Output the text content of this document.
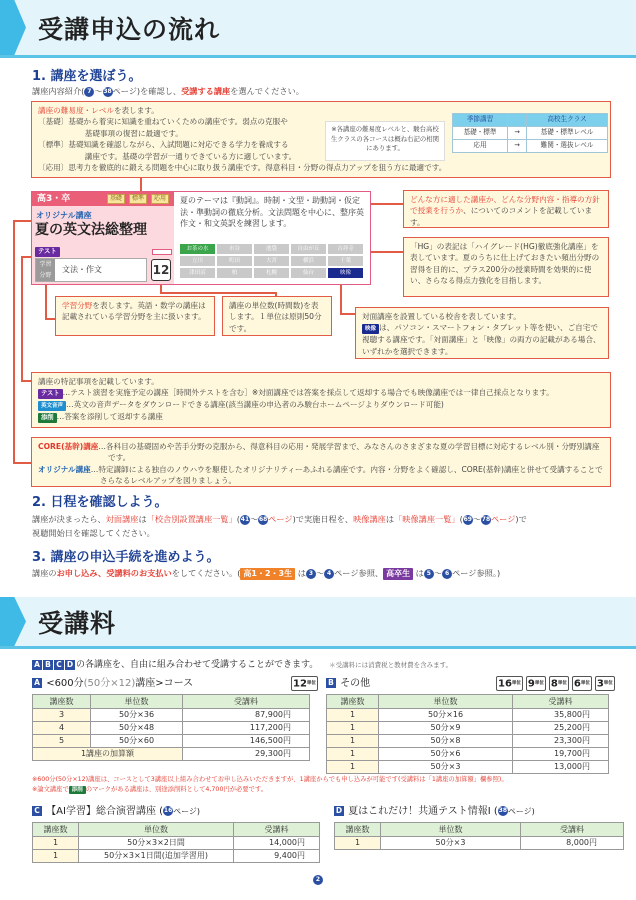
受講申込の流れ
1. 講座を選ぼう。
講座内容紹介( 7 〜38ページ)を確認し、受講する講座を選んでください。
講座の難易度・レベルを表します。
〔基礎〕基礎から着実に知識を重ねていくための講座です。弱点の克服や
　　　基礎事項の復習に最適です。
〔標準〕基礎知識を確認しながら、入試問題に対応できる学力を養成する
　　　講座です。基礎の学習が一通りできている方に適しています。
〔応用〕思考力を徹底的に鍛える問題を中心に取り扱う講座です。得意科目・分野の得点力アップを狙う方に最適です。
※各講座の難易度レベルと、駿台高校生クラスの各コースは概ね右記の相関にあります。
季節講習		高校生クラス
基礎・標準	→	基礎・標準レベル
応用	→	難関・選抜レベル
高3・卒	基礎	標準	応用
オリジナル講座
夏の英文法総整理
テスト
学習
分野
文法・作文	12
夏のテーマは『動詞』。時制・文型・助動詞・仮定法・準動詞の徹底分析。文法問題を中心に、整序英作文・和文英訳を練習します。
お茶の水	市谷	池袋	自由が丘	吉祥寺
立川	町田	大宮	横浜	千葉
津田沼	柏	札幌	仙台	映像
どんな方に適した講座か、どんな分野内容・指導の方針で授業を行うか、についてのコメントを記載しています。
「HG」の表記は「ハイグレード(HG)徹底強化講座」を表しています。夏のうちに仕上げておきたい頻出分野の習得を目的に、プラス200分の授業時間を効果的に使い、さらなる得点力強化を目指します。
対面講座を設置している校舎を表しています。
映像 は、パソコン・スマートフォン・タブレット等を使い、ご自宅で視聴する講座です。「対面講座」と「映像」の両方の記載がある場合、いずれかを選択できます。
学習分野を表します。英語・数学の講座は記載されている学習分野を主に扱います。
講座の単位数(時間数)を表します。１単位は原則50分です。
講座の特記事項を記載しています。
テスト …テスト演習を実施予定の講座［時間外テストを含む］※対面講座では答案を採点して返却する場合でも映像講座では一律自己採点となります。
英文音声 …英文の音声データをダウンロードできる講座(該当講座の申込者のみ駿台ホームページよりダウンロード可能)
添削 …答案を添削して返却する講座
CORE(基幹)講座…各科目の基礎固めや苦手分野の克服から、得意科目の応用・発展学習まで、みなさんのさまざまな夏の学習目標に対応するレベル別・分野別講座です。
オリジナル講座…特定講師による独自のノウハウを駆使したオリジナリティーあふれる講座です。内容・分野をよく確認し、CORE(基幹)講座と併せて受講することでさらなるレベルアップを図りましょう。
2. 日程を確認しよう。
講座が決まったら、対面講座は「校舎別設置講座一覧」(41〜68ページ)で実施日程を、映像講座は「映像講座一覧」(69〜78ページ)で
視聴開始日を確認してください。
3. 講座の申込手続を進めよう。
講座のお申し込み、受講料のお支払いをしてください。( 高1・2・3生 は 3 〜 4 ページ参照、 高卒生 は 5 〜 6 ページ参照。)
受講料
A B C D の各講座を、自由に組み合わせて受講することができます。 ＊受講料には消費税と教材費を含みます。
A <600分(50分×12)講座>コース	12単位
講座数	単位数	受講料
3	50分×36	87,900円
4	50分×48	117,200円
5	50分×60	146,500円
1講座の加算額		29,300円
B その他	16単位 9単位 8単位 6単位 3単位
講座数	単位数	受講料
1	50分×16	35,800円
1	50分×9	25,200円
1	50分×8	23,300円
1	50分×6	19,700円
1	50分×3	13,000円
※600分(50分×12)講座は、コースとして3講座以上組み合わせてお申し込みいただきますが、1講座からでも申し込みが可能です(受講料は「1講座の加算額」欄参照)。
※論文講座で 添削 のマークがある講座は、別途添削料として4,700円が必要です。
C 【AI学習】総合演習講座 (16ページ)
講座数	単位数	受講料
1	50分×3×2日間	14,000円
1	50分×3×1日間(追加学習用)	9,400円
D 夏はこれだけ！共通テスト情報Ⅰ (38ページ)
講座数	単位数	受講料
1	50分×3	8,000円
2
